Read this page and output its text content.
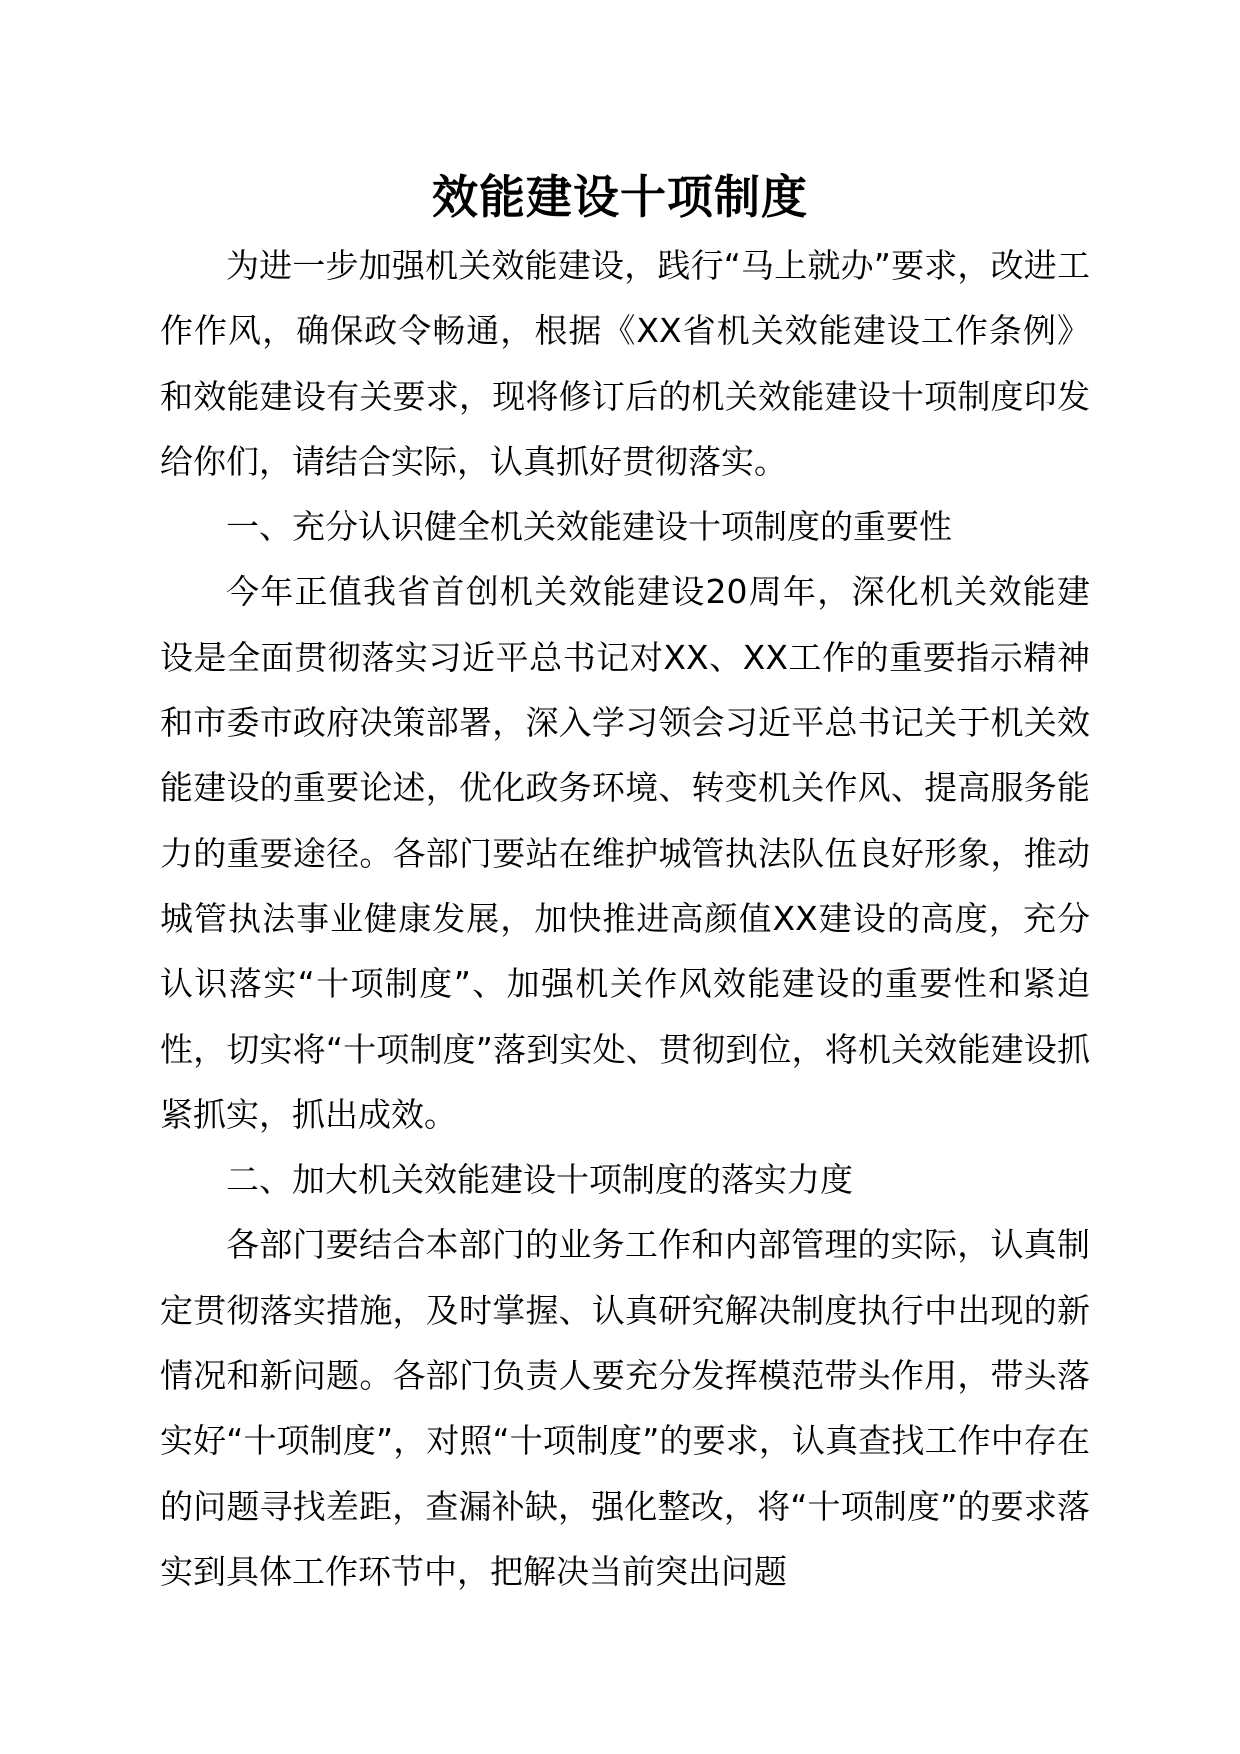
效能建设十项制度

为进一步加强机关效能建设，践行“马上就办”要求，改进工作作风，确保政令畅通，根据《XX省机关效能建设工作条例》和效能建设有关要求，现将修订后的机关效能建设十项制度印发给你们，请结合实际，认真抓好贯彻落实。

一、充分认识健全机关效能建设十项制度的重要性

今年正值我省首创机关效能建设20周年，深化机关效能建设是全面贯彻落实习近平总书记对XX、XX工作的重要指示精神和市委市政府决策部署，深入学习领会习近平总书记关于机关效能建设的重要论述，优化政务环境、转变机关作风、提高服务能力的重要途径。各部门要站在维护城管执法队伍良好形象，推动城管执法事业健康发展，加快推进高颜值XX建设的高度，充分认识落实“十项制度”、加强机关作风效能建设的重要性和紧迫性，切实将“十项制度”落到实处、贯彻到位，将机关效能建设抓紧抓实，抓出成效。

二、加大机关效能建设十项制度的落实力度

各部门要结合本部门的业务工作和内部管理的实际，认真制定贯彻落实措施，及时掌握、认真研究解决制度执行中出现的新情况和新问题。各部门负责人要充分发挥模范带头作用，带头落实好“十项制度”，对照“十项制度”的要求，认真查找工作中存在的问题寻找差距，查漏补缺，强化整改，将“十项制度”的要求落实到具体工作环节中，把解决当前突出问题
